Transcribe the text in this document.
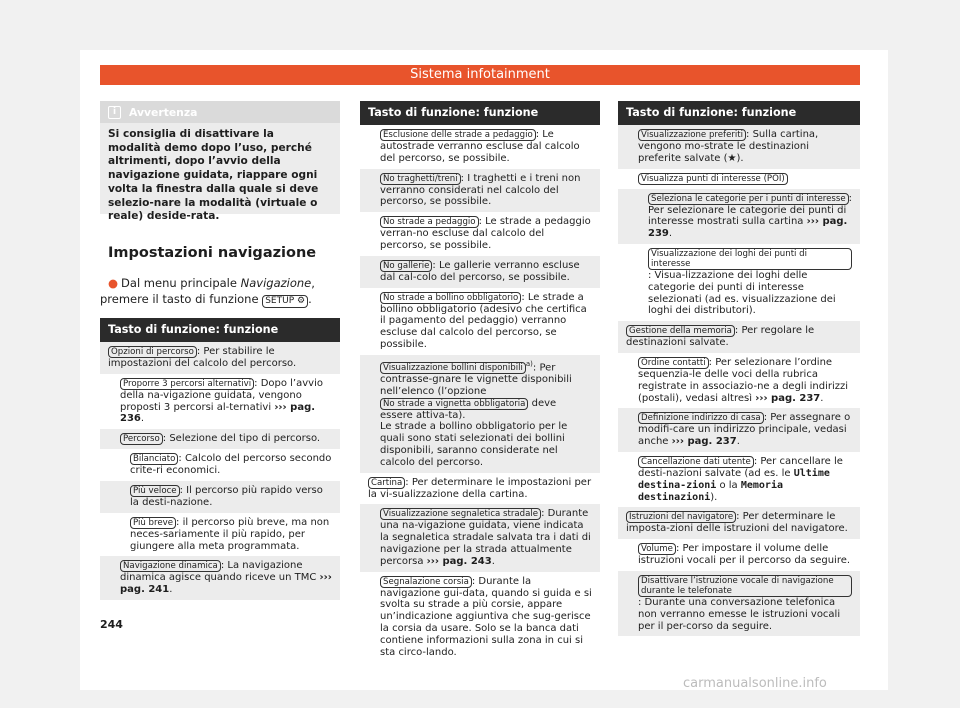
Sistema infotainment
i	Avvertenza
Si consiglia di disattivare la modalità demo dopo l’uso, perché altrimenti, dopo l’avvio della navigazione guidata, riappare ogni volta la finestra dalla quale si deve selezio-nare la modalità (virtuale o reale) deside-rata.
Impostazioni navigazione
● Dal menu principale Navigazione, premere il tasto di funzione SETUP ⚙ .
Tasto di funzione: funzione
Opzioni di percorso : Per stabilire le impostazioni del calcolo del percorso.
Proporre 3 percorsi alternativi : Dopo l’avvio della na-vigazione guidata, vengono proposti 3 percorsi al-ternativi ››› pag. 236.
Percorso : Selezione del tipo di percorso.
Bilanciato : Calcolo del percorso secondo crite-ri economici.
Più veloce : Il percorso più rapido verso la desti-nazione.
Più breve : il percorso più breve, ma non neces-sariamente il più rapido, per giungere alla meta programmata.
Navigazione dinamica : La navigazione dinamica agisce quando riceve un TMC ››› pag. 241.
Tasto di funzione: funzione
Esclusione delle strade a pedaggio : Le autostrade verranno escluse dal calcolo del percorso, se possibile.
No traghetti/treni : I traghetti e i treni non verranno considerati nel calcolo del percorso, se possibile.
No strade a pedaggio : Le strade a pedaggio verran-no escluse dal calcolo del percorso, se possibile.
No gallerie : Le gallerie verranno escluse dal cal-colo del percorso, se possibile.
No strade a bollino obbligatorio : Le strade a bollino obbligatorio (adesivo che certifica il pagamento del pedaggio) verranno escluse dal calcolo del percorso, se possibile.
Visualizzazione bollini disponibili $^{a)}$: Per contrasse-gnare le vignette disponibili nell’elenco (l’opzione No strade a vignetta obbligatoria deve essere attiva-ta).
Le strade a bollino obbligatorio per le quali sono stati selezionati dei bollini disponibili, saranno considerate nel calcolo del percorso.
Cartina : Per determinare le impostazioni per la vi-sualizzazione della cartina.
Visualizzazione segnaletica stradale : Durante una na-vigazione guidata, viene indicata la segnaletica stradale salvata tra i dati di navigazione per la strada attualmente percorsa ››› pag. 243.
Segnalazione corsia : Durante la navigazione gui-data, quando si guida e si svolta su strade a più corsie, appare un’indicazione aggiuntiva che sug-gerisce la corsia da usare. Solo se la banca dati contiene informazioni sulla zona in cui si sta circo-lando.
Tasto di funzione: funzione
Visualizzazione preferiti : Sulla cartina, vengono mo-strate le destinazioni preferite salvate (★).
Visualizza punti di interesse (POI)
Seleziona le categorie per i punti di interesse : Per selezionare le categorie dei punti di interesse mostrati sulla cartina ››› pag. 239.
Visualizzazione dei loghi dei punti di interesse: Visua-lizzazione dei loghi delle categorie dei punti di interesse selezionati (ad es. visualizzazione dei loghi dei distributori).
Gestione della memoria : Per regolare le destinazioni salvate.
Ordine contatti : Per selezionare l’ordine sequenzia-le delle voci della rubrica registrate in associazio-ne a degli indirizzi (postali), vedasi altresì ››› pag. 237.
Definizione indirizzo di casa : Per assegnare o modifi-care un indirizzo principale, vedasi anche ››› pag. 237.
Cancellazione dati utente : Per cancellare le desti-nazioni salvate (ad es. le Ultime destina-zioni o la Memoria destinazioni).
Istruzioni del navigatore : Per determinare le imposta-zioni delle istruzioni del navigatore.
Volume : Per impostare il volume delle istruzioni vocali per il percorso da seguire.
Disattivare l’istruzione vocale di navigazione durante le telefonate: Durante una conversazione telefonica non verranno emesse le istruzioni vocali per il per-corso da seguire.
244
carmanualsonline.info
